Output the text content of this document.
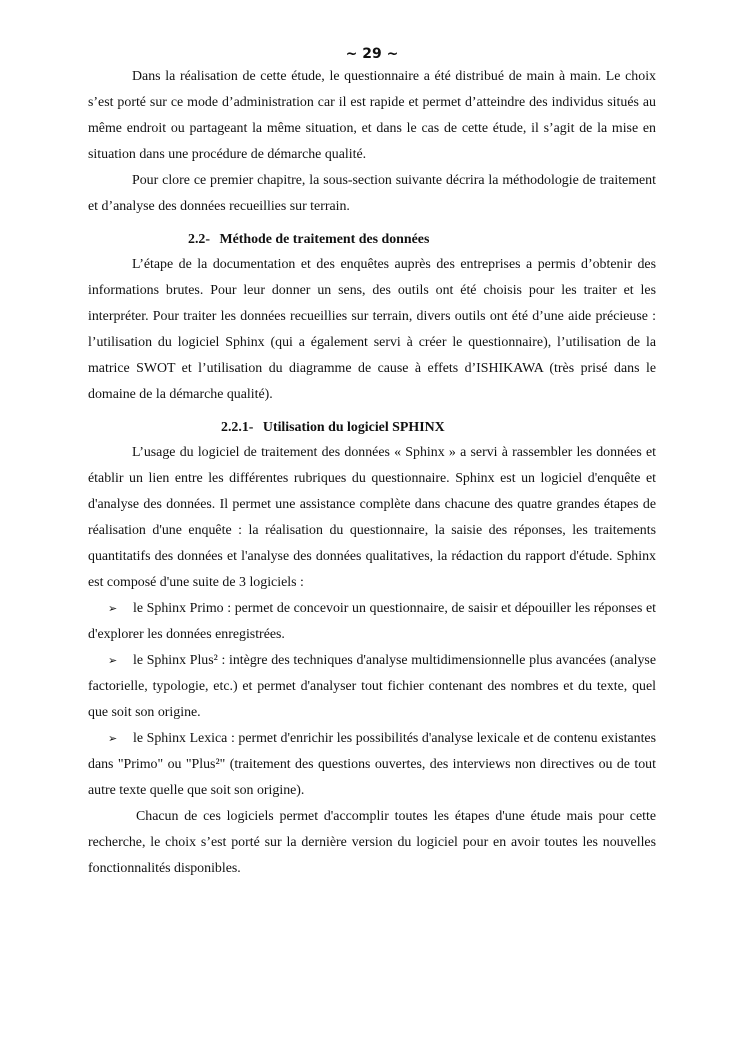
~ 29 ~

Dans la réalisation de cette étude, le questionnaire a été distribué de main à main. Le choix s’est porté sur ce mode d’administration car il est rapide et permet d’atteindre des individus situés au même endroit ou partageant la même situation, et dans le cas de cette étude, il s’agit de la mise en situation dans une procédure de démarche qualité.

Pour clore ce premier chapitre, la sous-section suivante décrira la méthodologie de traitement et d’analyse des données recueillies sur terrain.

2.2- Méthode de traitement des données

L’étape de la documentation et des enquêtes auprès des entreprises a permis d’obtenir des informations brutes. Pour leur donner un sens, des outils ont été choisis pour les traiter et les interpréter. Pour traiter les données recueillies sur terrain, divers outils ont été d’une aide précieuse : l’utilisation du logiciel Sphinx (qui a également servi à créer le questionnaire), l’utilisation de la matrice SWOT et l’utilisation du diagramme de cause à effets d’ISHIKAWA (très prisé dans le domaine de la démarche qualité).

2.2.1- Utilisation du logiciel SPHINX

L’usage du logiciel de traitement des données « Sphinx » a servi à rassembler les données et établir un lien entre les différentes rubriques du questionnaire. Sphinx est un logiciel d'enquête et d'analyse des données. Il permet une assistance complète dans chacune des quatre grandes étapes de réalisation d'une enquête : la réalisation du questionnaire, la saisie des réponses, les traitements quantitatifs des données et l'analyse des données qualitatives, la rédaction du rapport d'étude. Sphinx est composé d'une suite de 3 logiciels :

➢ le Sphinx Primo : permet de concevoir un questionnaire, de saisir et dépouiller les réponses et d'explorer les données enregistrées.

➢ le Sphinx Plus² : intègre des techniques d'analyse multidimensionnelle plus avancées (analyse factorielle, typologie, etc.) et permet d'analyser tout fichier contenant des nombres et du texte, quel que soit son origine.

➢ le Sphinx Lexica : permet d'enrichir les possibilités d'analyse lexicale et de contenu existantes dans "Primo" ou "Plus²" (traitement des questions ouvertes, des interviews non directives ou de tout autre texte quelle que soit son origine).

Chacun de ces logiciels permet d'accomplir toutes les étapes d'une étude mais pour cette recherche, le choix s’est porté sur la dernière version du logiciel pour en avoir toutes les nouvelles fonctionnalités disponibles.
